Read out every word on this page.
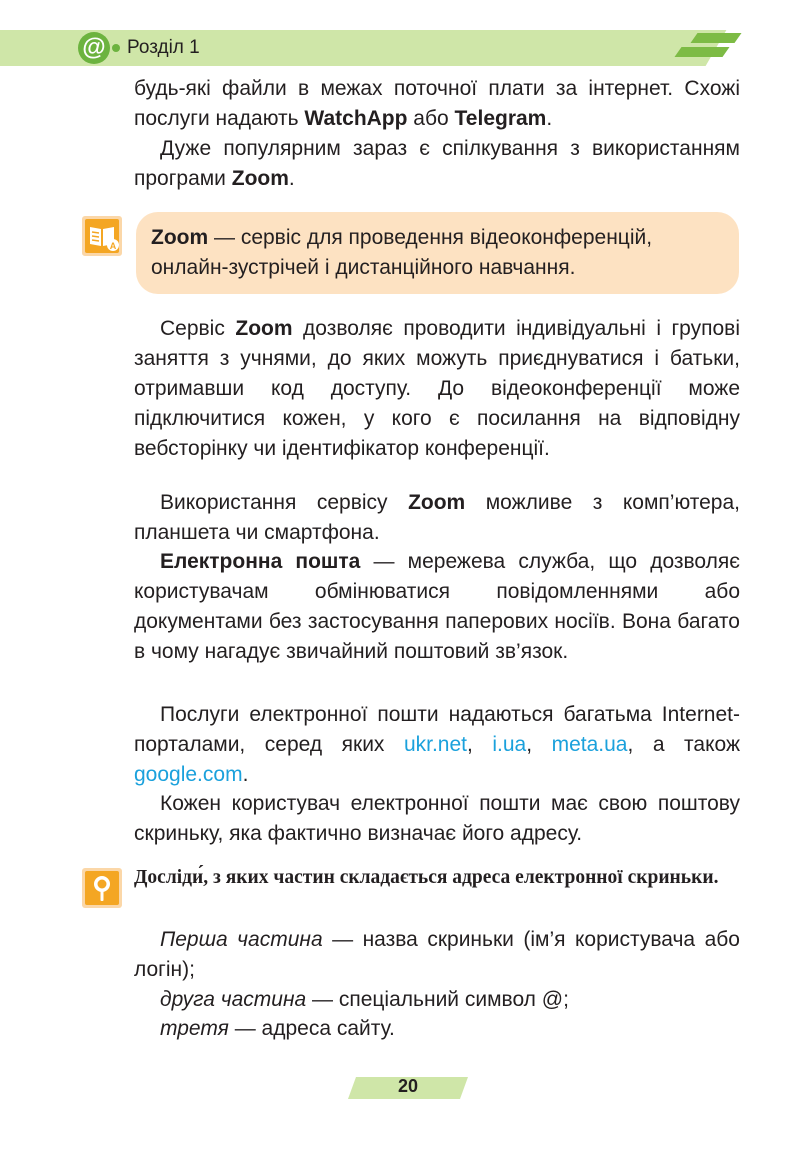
@ Розділ 1

будь-які файли в межах поточної плати за інтернет. Схожі послуги надають WatchApp або Telegram.

Дуже популярним зараз є спілкування з використанням програми Zoom.

A Zoom — сервіс для проведення відеоконференцій, онлайн-зустрічей і дистанційного навчання.

Сервіс Zoom дозволяє проводити індивідуальні і групові заняття з учнями, до яких можуть приєднуватися і батьки, отримавши код доступу. До відеоконференції може підключитися кожен, у кого є посилання на відповідну вебсторінку чи ідентифікатор конференції.

Використання сервісу Zoom можливе з комп’ютера, планшета чи смартфона.

Електронна пошта — мережева служба, що дозволяє користувачам обмінюватися повідомленнями або документами без застосування паперових носіїв. Вона багато в чому нагадує звичайний поштовий зв’язок.

Послуги електронної пошти надаються багатьма Internet-порталами, серед яких ukr.net, i.ua, meta.ua, а також google.com.

Кожен користувач електронної пошти має свою поштову скриньку, яка фактично визначає його адресу.

Досліди́, з яких частин складається адреса електронної скриньки.

Перша частина — назва скриньки (ім’я користувача або логін);

друга частина — спеціальний символ @;

третя — адреса сайту.

20
